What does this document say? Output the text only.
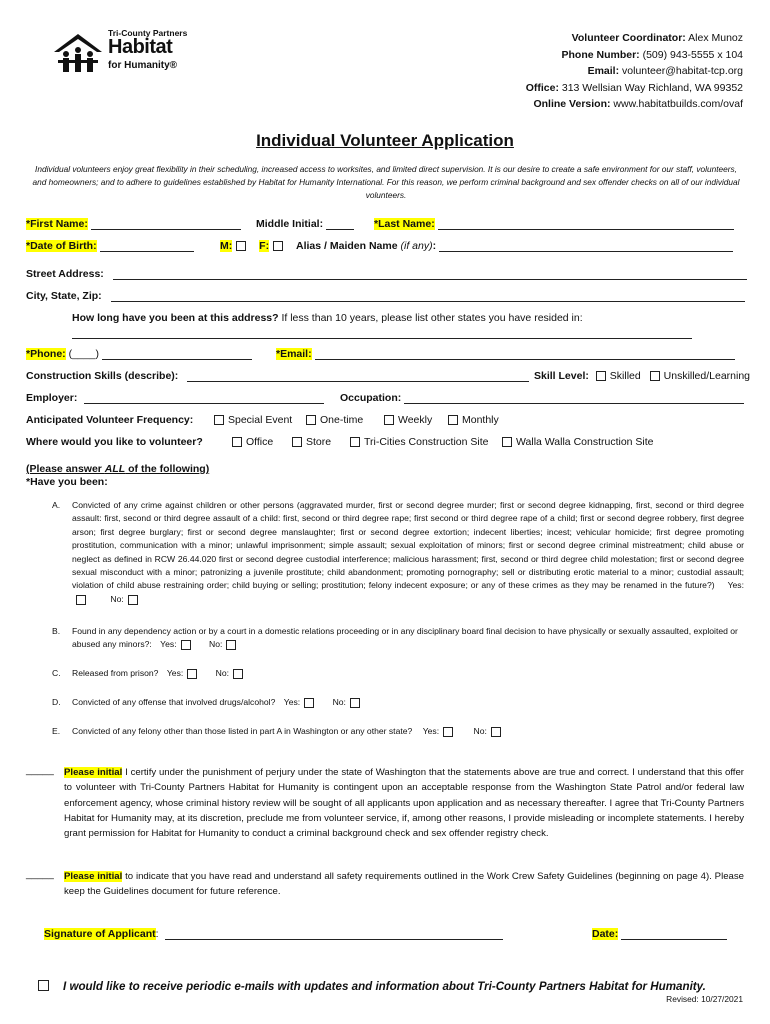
Tri-County Partners
Habitat
for Humanity®
Volunteer Coordinator: Alex Munoz
Phone Number: (509) 943-5555 x 104
Email: volunteer@habitat-tcp.org
Office: 313 Wellsian Way Richland, WA 99352
Online Version: www.habitatbuilds.com/ovaf
Individual Volunteer Application
Individual volunteers enjoy great flexibility in their scheduling, increased access to worksites, and limited direct supervision. It is our desire to create a safe environment for our staff, volunteers, and homeowners; and to adhere to guidelines established by Habitat for Humanity International. For this reason, we perform criminal background and sex offender checks on all of our individual volunteers.
*First Name:	Middle Initial:	*Last Name:
*Date of Birth:	M:	F:	Alias / Maiden Name (if any):
Street Address:
City, State, Zip:
How long have you been at this address? If less than 10 years, please list other states you have resided in:
*Phone: (____)	*Email:
Construction Skills (describe):	Skill Level: Skilled Unskilled/Learning
Employer:	Occupation:
Anticipated Volunteer Frequency:	Special Event	One-time	Weekly	Monthly
Where would you like to volunteer?	Office	Store	Tri-Cities Construction Site	Walla Walla Construction Site
(Please answer ALL of the following)
*Have you been:
A. Convicted of any crime against children or other persons (aggravated murder, first or second degree murder; first or second degree kidnapping, first, second or third degree assault: first, second or third degree assault of a child: first, second or third degree rape; first second or third degree rape of a child; first or second degree robbery, first degree arson; first degree burglary; first or second degree manslaughter; first or second degree extortion; indecent liberties; incest; vehicular homicide; first degree promoting prostitution, communication with a minor; unlawful imprisonment; simple assault; sexual exploitation of minors; first or second degree criminal mistreatment; child abuse or neglect as defined in RCW 26.44.020 first or second degree custodial interference; malicious harassment; first, second or third degree child molestation; first or second degree sexual misconduct with a minor; patronizing a juvenile prostitute; child abandonment; promoting pornography; sell or distributing erotic material to a minor; custodial assault; violation of child abuse restraining order; child buying or selling; prostitution; felony indecent exposure; or any of these crimes as they may be renamed in the future?) Yes: No:
B. Found in any dependency action or by a court in a domestic relations proceeding or in any disciplinary board final decision to have physically or sexually assaulted, exploited or abused any minors?: Yes:	No:
C. Released from prison? Yes:	No:
D. Convicted of any offense that involved drugs/alcohol? Yes:	No:
E. Convicted of any felony other than those listed in part A in Washington or any other state? Yes:	No:
_____ Please initial I certify under the punishment of perjury under the state of Washington that the statements above are true and correct. I understand that this offer to volunteer with Tri-County Partners Habitat for Humanity is contingent upon an acceptable response from the Washington State Patrol and/or federal law enforcement agency, whose criminal history review will be sought of all applicants upon application and as necessary thereafter. I agree that Tri-County Partners Habitat for Humanity may, at its discretion, preclude me from volunteer service, if, among other reasons, I provide misleading or incomplete statements. I hereby grant permission for Habitat for Humanity to conduct a criminal background check and sex offender registry check.
_____ Please initial to indicate that you have read and understand all safety requirements outlined in the Work Crew Safety Guidelines (beginning on page 4). Please keep the Guidelines document for future reference.
Signature of Applicant:	Date:
I would like to receive periodic e-mails with updates and information about Tri-County Partners Habitat for Humanity.
Revised: 10/27/2021
